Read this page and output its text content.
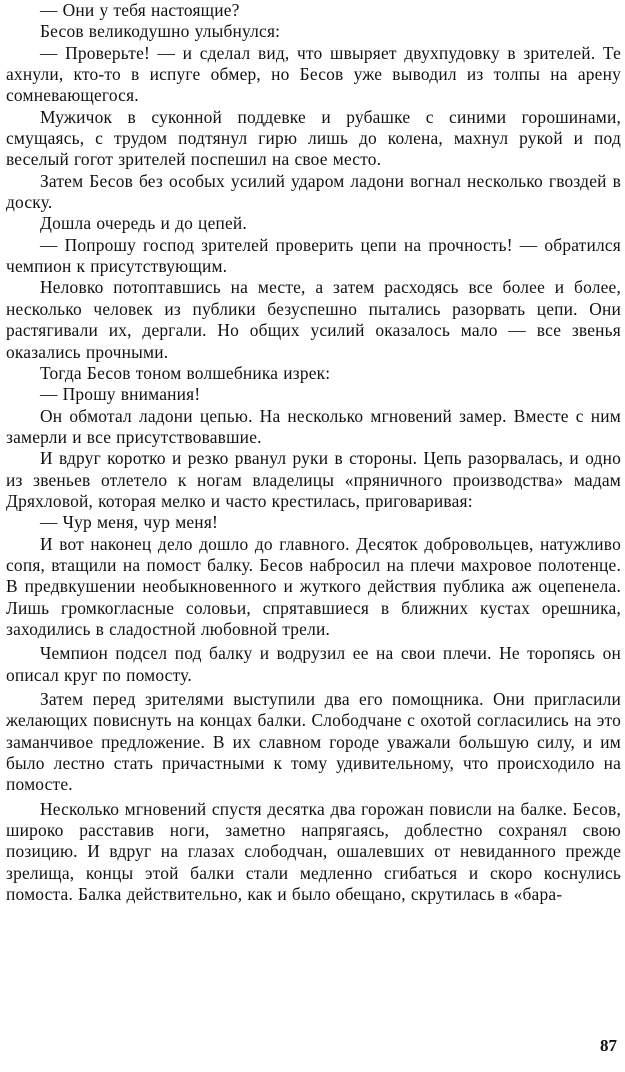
— Они у тебя настоящие?

Бесов великодушно улыбнулся:

— Проверьте! — и сделал вид, что швыряет двухпудовку в зрителей. Те ахнули, кто-то в испуге обмер, но Бесов уже выводил из толпы на арену сомневающегося.

Мужичок в суконной поддевке и рубашке с синими горошинами, смущаясь, с трудом подтянул гирю лишь до колена, махнул рукой и под веселый гогот зрителей поспешил на свое место.

Затем Бесов без особых усилий ударом ладони вогнал несколько гвоздей в доску.

Дошла очередь и до цепей.

— Попрошу господ зрителей проверить цепи на прочность! — обратился чемпион к присутствующим.

Неловко потоптавшись на месте, а затем расходясь все более и более, несколько человек из публики безуспешно пытались разорвать цепи. Они растягивали их, дергали. Но общих усилий оказалось мало — все звенья оказались прочными.

Тогда Бесов тоном волшебника изрек:

— Прошу внимания!

Он обмотал ладони цепью. На несколько мгновений замер. Вместе с ним замерли и все присутствовавшие.

И вдруг коротко и резко рванул руки в стороны. Цепь разорвалась, и одно из звеньев отлетело к ногам владелицы «пряничного производства» мадам Дряхловой, которая мелко и часто крестилась, приговаривая:

— Чур меня, чур меня!

И вот наконец дело дошло до главного. Десяток добровольцев, натужливо сопя, втащили на помост балку. Бесов набросил на плечи махровое полотенце. В предвкушении необыкновенного и жуткого действия публика аж оцепенела. Лишь громкогласные соловьи, спрятавшиеся в ближних кустах орешника, заходились в сладостной любовной трели.

Чемпион подсел под балку и водрузил ее на свои плечи. Не торопясь он описал круг по помосту.

Затем перед зрителями выступили два его помощника. Они пригласили желающих повиснуть на концах балки. Слободчане с охотой согласились на это заманчивое предложение. В их славном городе уважали большую силу, и им было лестно стать причастными к тому удивительному, что происходило на помосте.

Несколько мгновений спустя десятка два горожан повисли на балке. Бесов, широко расставив ноги, заметно напрягаясь, доблестно сохранял свою позицию. И вдруг на глазах слободчан, ошалевших от невиданного прежде зрелища, концы этой балки стали медленно сгибаться и скоро коснулись помоста. Балка действительно, как и было обещано, скрутилась в «бара-

87
